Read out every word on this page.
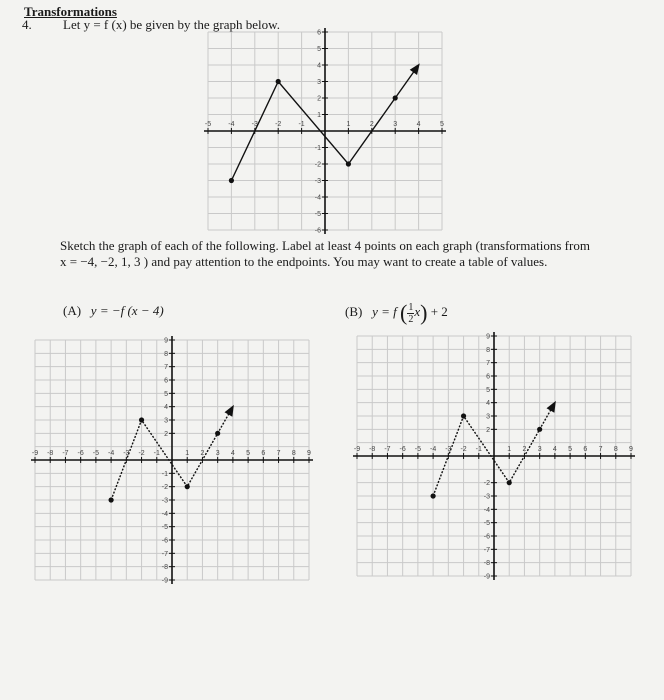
Transformations
4. Let y = f (x) be given by the graph below.
Sketch the graph of each of the following. Label at least 4 points on each graph (transformations from
x = −4, −2, 1, 3 ) and pay attention to the endpoints. You may want to create a table of values.
(A) y = −f (x − 4)	(B) y = f ( $\frac{1}{2} x) + 2$
-5 -4 -3 -2 -1	1	2	3	4	5
6
5
4
3
2
1
-1
-2
-3
-4
-5
-6
-9 -8 -7 -6 -5 -4 -3 -2 -1	1 2 3 4 5 6 7 8 9
9
8
7
6
5
4
3
2
-1
-2
-3
-4
-5
-6
-7
-8
-9
-9 -8 -7 -6 -5 -4 -3 -2 -1	1 2 3 4 5 6 7 8 9
9
8
7
6
5
4
3
2
-2
-3
-4
-5
-6
-7
-8
-9
